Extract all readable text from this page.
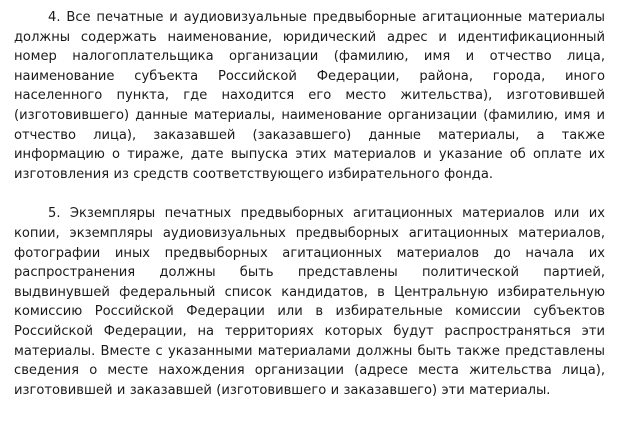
4. Все печатные и аудиовизуальные предвыборные агитационные материалы должны содержать наименование, юридический адрес и идентификационный номер налогоплательщика организации (фамилию, имя и отчество лица, наименование субъекта Российской Федерации, района, города, иного населенного пункта, где находится его место жительства), изготовившей (изготовившего) данные материалы, наименование организации (фамилию, имя и отчество лица), заказавшей (заказавшего) данные материалы, а также информацию о тираже, дате выпуска этих материалов и указание об оплате их изготовления из средств соответствующего избирательного фонда.

5. Экземпляры печатных предвыборных агитационных материалов или их копии, экземпляры аудиовизуальных предвыборных агитационных материалов, фотографии иных предвыборных агитационных материалов до начала их распространения должны быть представлены политической партией, выдвинувшей федеральный список кандидатов, в Центральную избирательную комиссию Российской Федерации или в избирательные комиссии субъектов Российской Федерации, на территориях которых будут распространяться эти материалы. Вместе с указанными материалами должны быть также представлены сведения о месте нахождения организации (адресе места жительства лица), изготовившей и заказавшей (изготовившего и заказавшего) эти материалы.
